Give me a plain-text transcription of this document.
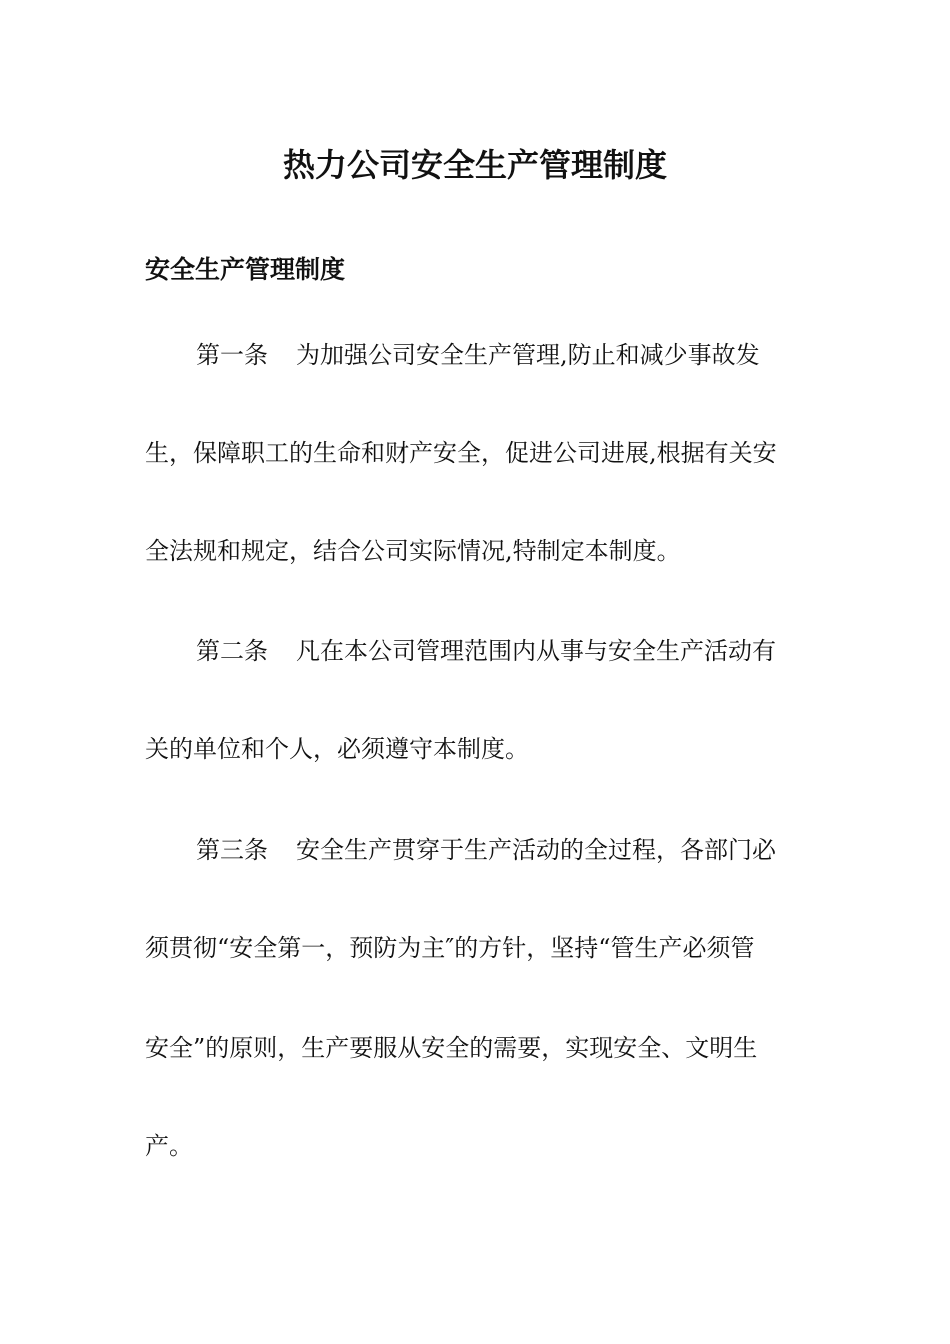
热力公司安全生产管理制度
安全生产管理制度

第一条 为加强公司安全生产管理,防止和减少事故发

生，保障职工的生命和财产安全，促进公司进展,根据有关安

全法规和规定，结合公司实际情况,特制定本制度。

第二条 凡在本公司管理范围内从事与安全生产活动有

关的单位和个人，必须遵守本制度。

第三条 安全生产贯穿于生产活动的全过程，各部门必

须贯彻“安全第一，预防为主″的方针，坚持“管生产必须管

安全”的原则，生产要服从安全的需要，实现安全、文明生

产。
